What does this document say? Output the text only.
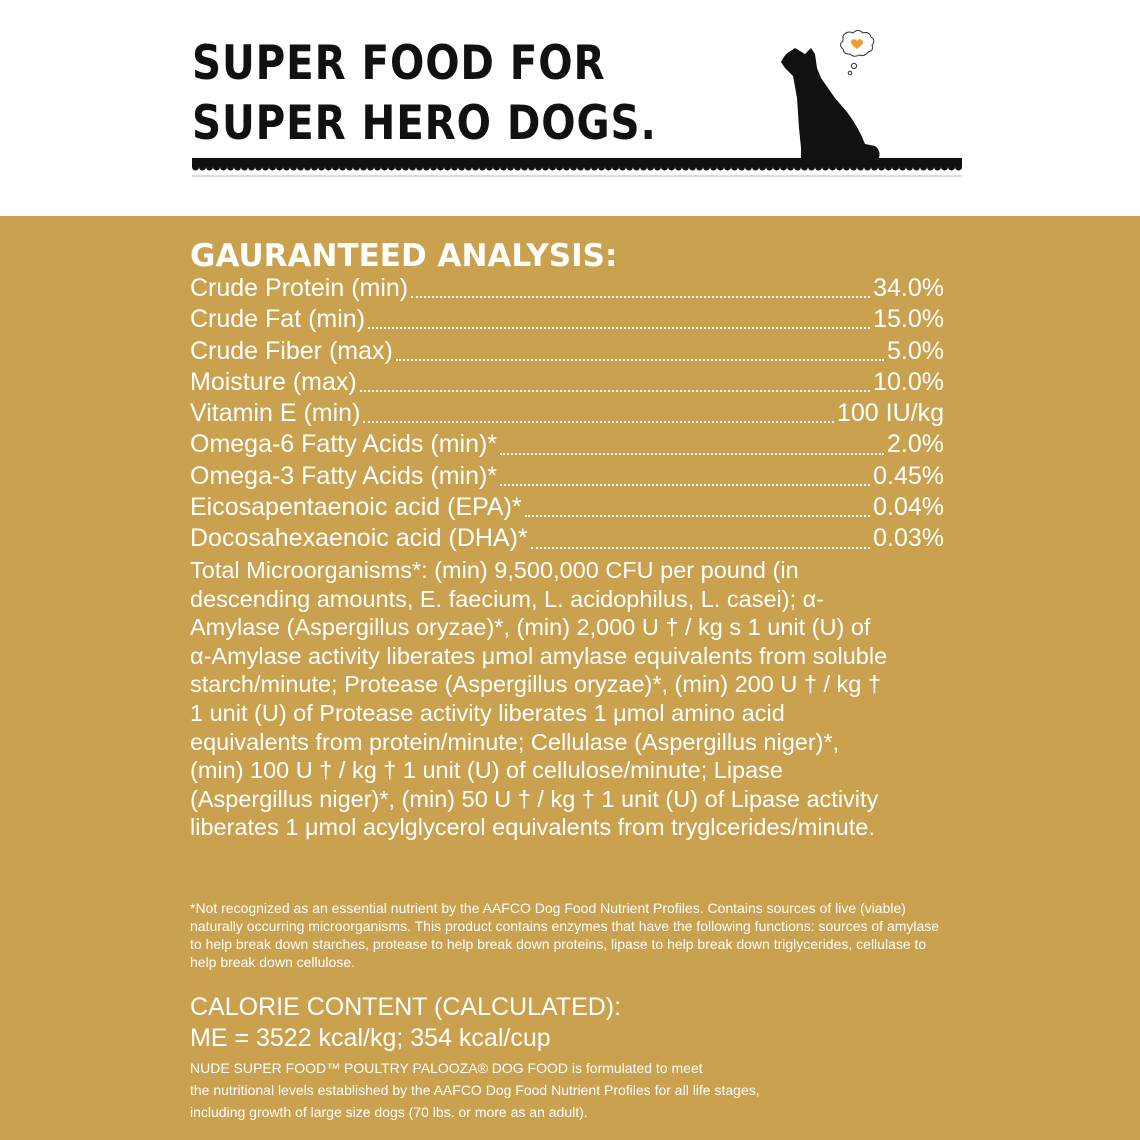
SUPER FOOD FOR
SUPER HERO DOGS.
GAURANTEED ANALYSIS:
Crude Protein (min)	34.0%
Crude Fat (min)	15.0%
Crude Fiber (max)	5.0%
Moisture (max)	10.0%
Vitamin E (min)	100 IU/kg
Omega-6 Fatty Acids (min)*	2.0%
Omega-3 Fatty Acids (min)*	0.45%
Eicosapentaenoic acid (EPA)*	0.04%
Docosahexaenoic acid (DHA)*	0.03%

Total Microorganisms*: (min) 9,500,000 CFU per pound (in descending amounts, E. faecium, L. acidophilus, L. casei); α-Amylase (Aspergillus oryzae)*, (min) 2,000 U † / kg s 1 unit (U) of α-Amylase activity liberates μmol amylase equivalents from soluble starch/minute; Protease (Aspergillus oryzae)*, (min) 200 U † / kg † 1 unit (U) of Protease activity liberates 1 μmol amino acid equivalents from protein/minute; Cellulase (Aspergillus niger)*, (min) 100 U † / kg † 1 unit (U) of cellulose/minute; Lipase (Aspergillus niger)*, (min) 50 U † / kg † 1 unit (U) of Lipase activity liberates 1 μmol acylglycerol equivalents from tryglcerides/minute.

*Not recognized as an essential nutrient by the AAFCO Dog Food Nutrient Profiles. Contains sources of live (viable) naturally occurring microorganisms. This product contains enzymes that have the following functions: sources of amylase to help break down starches, protease to help break down proteins, lipase to help break down triglycerides, cellulase to help break down cellulose.

CALORIE CONTENT (CALCULATED):
ME = 3522 kcal/kg; 354 kcal/cup

NUDE SUPER FOOD™ POULTRY PALOOZA® DOG FOOD is formulated to meet
the nutritional levels established by the AAFCO Dog Food Nutrient Profiles for all life stages,
including growth of large size dogs (70 lbs. or more as an adult).
